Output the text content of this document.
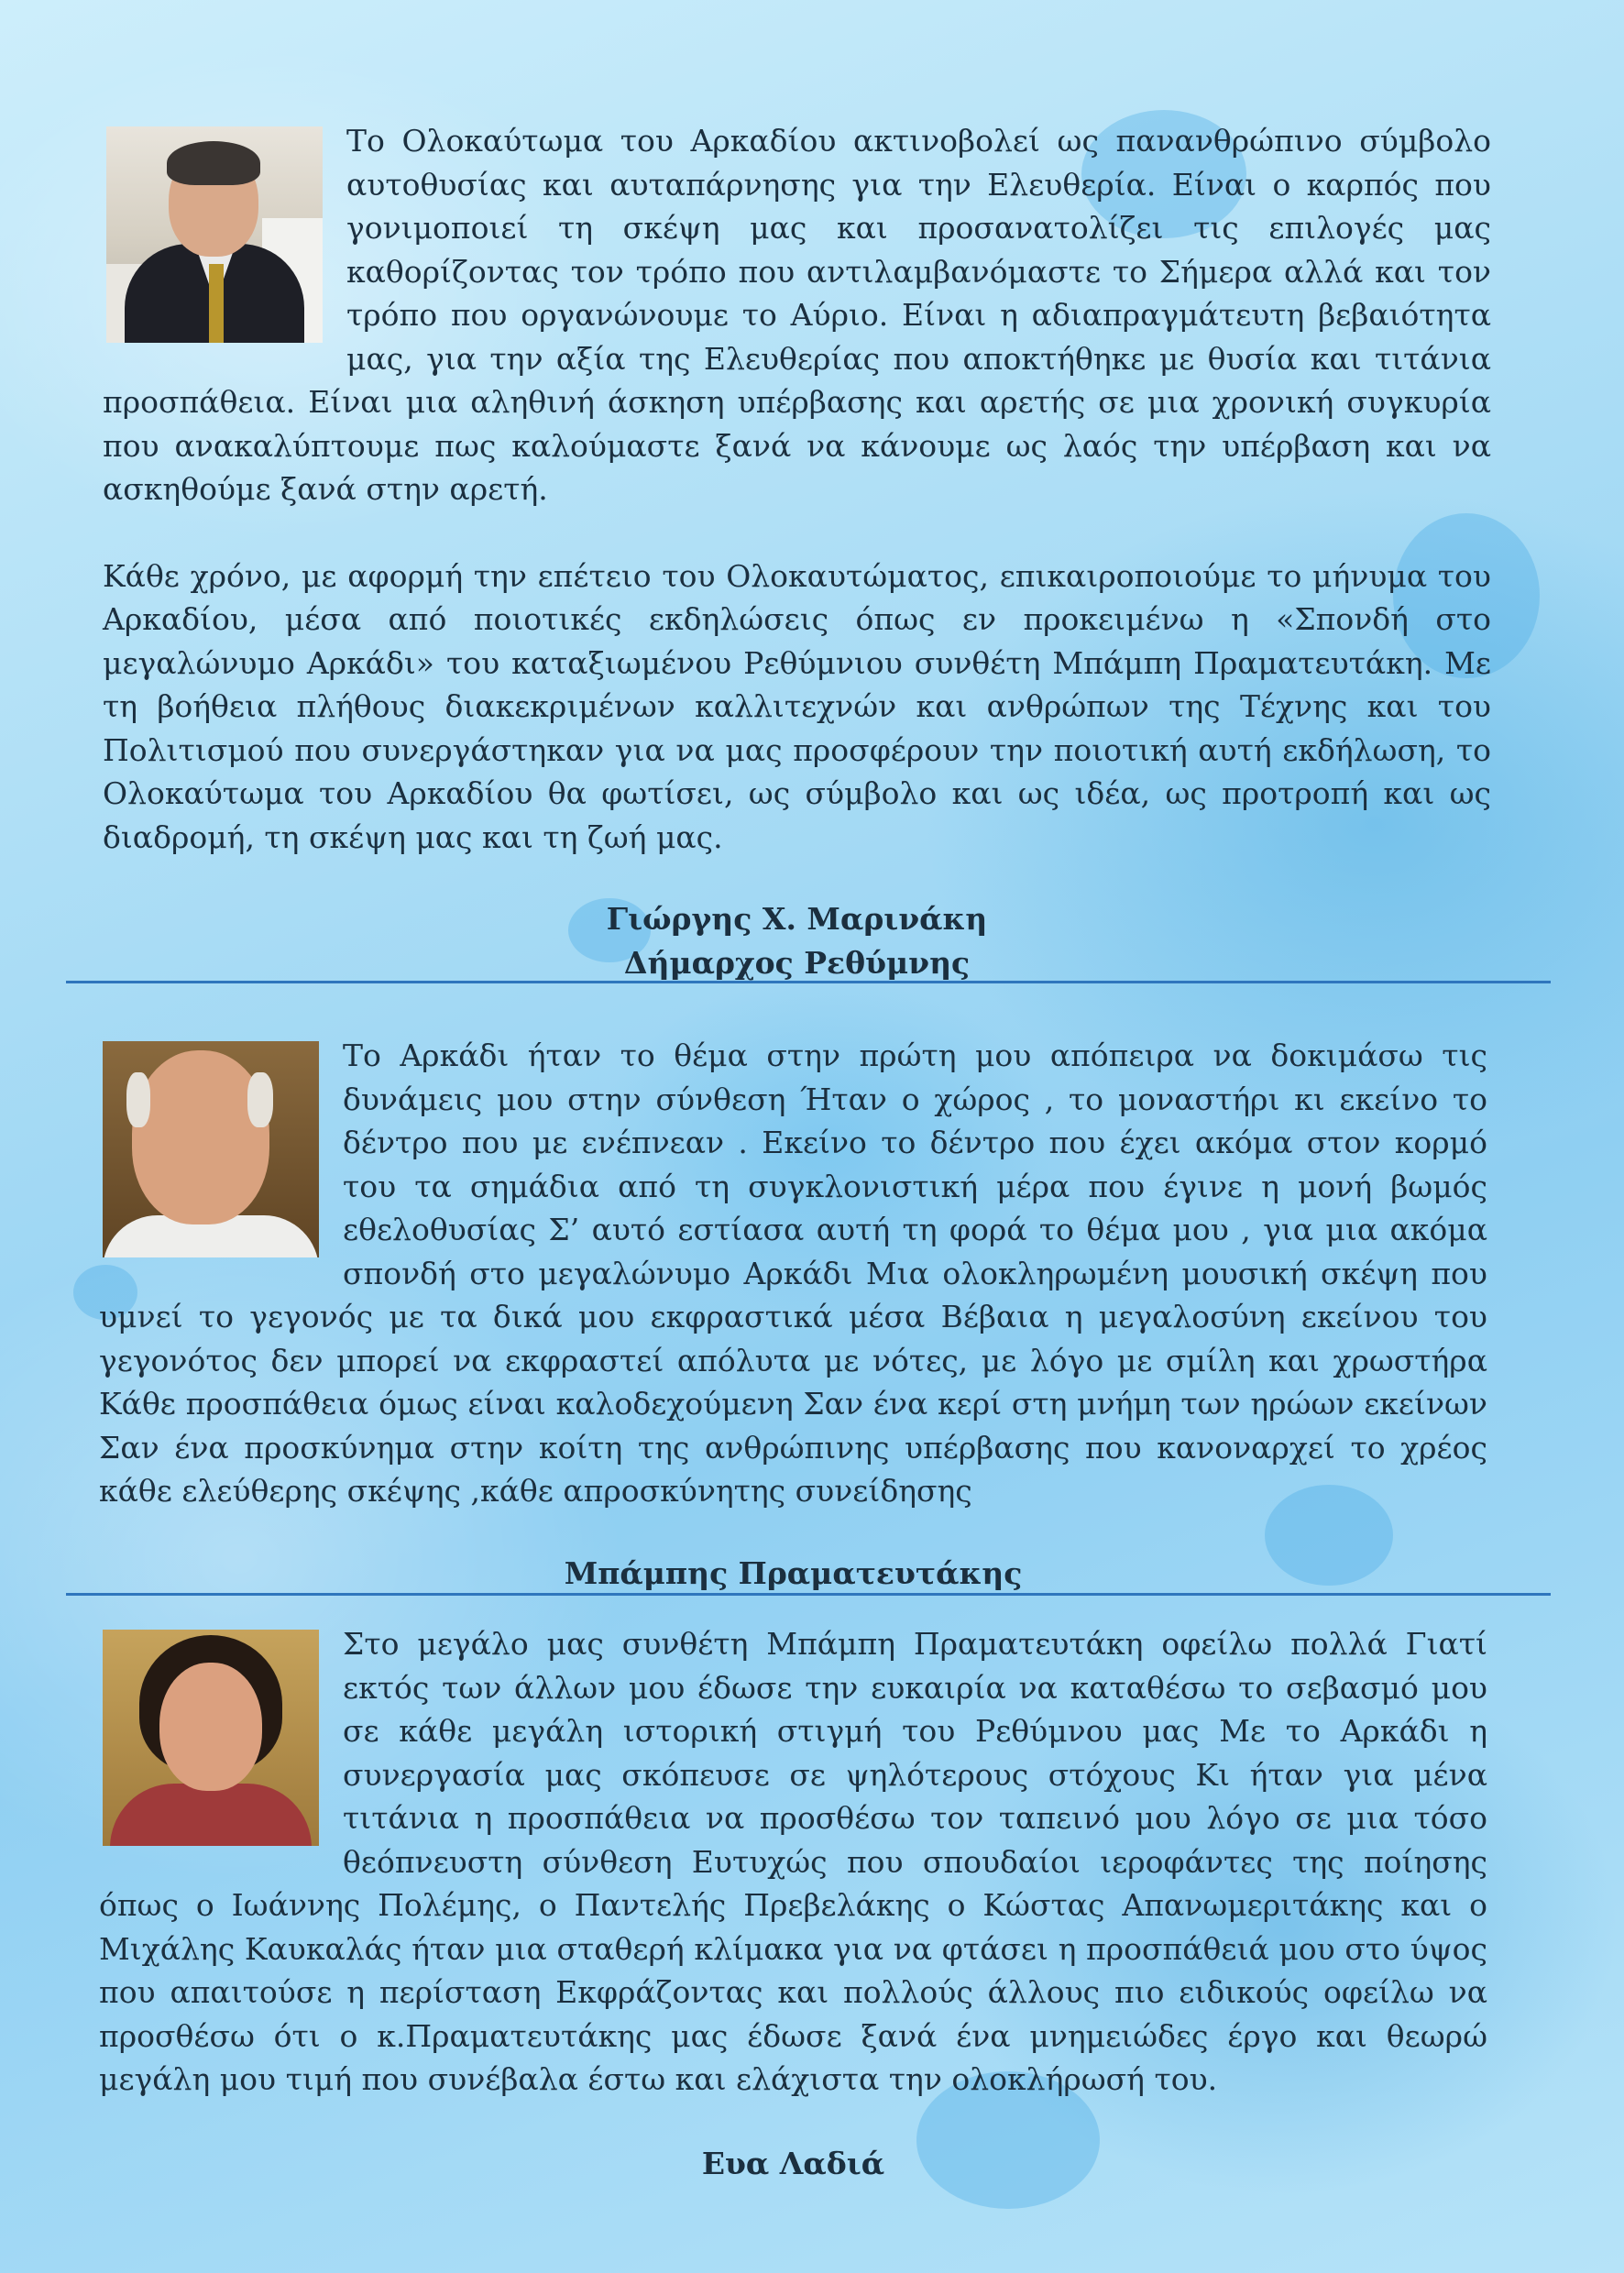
Το Ολοκαύτωμα του Αρκαδίου ακτινοβολεί ως πανανθρώπινο σύμβολο αυτοθυσίας και αυταπάρνησης για την Ελευθερία. Είναι ο καρπός που γονιμοποιεί τη σκέψη μας και προσανατολίζει τις επιλογές μας καθορίζοντας τον τρόπο που αντιλαμβανόμαστε το Σήμερα αλλά και τον τρόπο που οργανώνουμε το Αύριο. Είναι η αδιαπραγμάτευτη βεβαιότητα μας, για την αξία της Ελευθερίας που αποκτήθηκε με θυσία και τιτάνια προσπάθεια. Είναι μια αληθινή άσκηση υπέρβασης και αρετής σε μια χρονική συγκυρία που ανακαλύπτουμε πως καλούμαστε ξανά να κάνουμε ως λαός την υπέρβαση και να ασκηθούμε ξανά στην αρετή.

Κάθε χρόνο, με αφορμή την επέτειο του Ολοκαυτώματος, επικαιροποιούμε το μήνυμα του Αρκαδίου, μέσα από ποιοτικές εκδηλώσεις όπως εν προκειμένω η «Σπονδή στο μεγαλώνυμο Αρκάδι» του καταξιωμένου Ρεθύμνιου συνθέτη Μπάμπη Πραματευτάκη. Με τη βοήθεια πλήθους διακεκριμένων καλλιτεχνών και ανθρώπων της Τέχνης και του Πολιτισμού που συνεργάστηκαν για να μας προσφέρουν την ποιοτική αυτή εκδήλωση, το Ολοκαύτωμα του Αρκαδίου θα φωτίσει, ως σύμβολο και ως ιδέα, ως προτροπή και ως διαδρομή, τη σκέψη μας και τη ζωή μας.

Γιώργης Χ. Μαρινάκη

Δήμαρχος Ρεθύμνης

Το Αρκάδι ήταν το θέμα στην πρώτη μου απόπειρα να δοκιμάσω τις δυνάμεις μου στην σύνθεση Ήταν ο χώρος , το μοναστήρι κι εκείνο το δέντρο που με ενέπνεαν . Εκείνο το δέντρο που έχει ακόμα στον κορμό του τα σημάδια από τη συγκλονιστική μέρα που έγινε η μονή βωμός εθελοθυσίας Σ’ αυτό εστίασα αυτή τη φορά το θέμα μου , για μια ακόμα σπονδή στο μεγαλώνυμο Αρκάδι Μια ολοκληρωμένη μουσική σκέψη που υμνεί το γεγονός με τα δικά μου εκφραστικά μέσα Βέβαια η μεγαλοσύνη εκείνου του γεγονότος δεν μπορεί να εκφραστεί απόλυτα με νότες, με λόγο με σμίλη και χρωστήρα Κάθε προσπάθεια όμως είναι καλοδεχούμενη Σαν ένα κερί στη μνήμη των ηρώων εκείνων Σαν ένα προσκύνημα στην κοίτη της ανθρώπινης υπέρβασης που κανοναρχεί το χρέος κάθε ελεύθερης σκέψης ,κάθε απροσκύνητης συνείδησης

Μπάμπης Πραματευτάκης

Στο μεγάλο μας συνθέτη Μπάμπη Πραματευτάκη οφείλω πολλά Γιατί εκτός των άλλων μου έδωσε την ευκαιρία να καταθέσω το σεβασμό μου σε κάθε μεγάλη ιστορική στιγμή του Ρεθύμνου μας Με το Αρκάδι η συνεργασία μας σκόπευσε σε ψηλότερους στόχους Κι ήταν για μένα τιτάνια η προσπάθεια να προσθέσω τον ταπεινό μου λόγο σε μια τόσο θεόπνευστη σύνθεση Ευτυχώς που σπουδαίοι ιεροφάντες της ποίησης όπως ο Ιωάννης Πολέμης, ο Παντελής Πρεβελάκης ο Κώστας Απανωμεριτάκης και ο Μιχάλης Καυκαλάς ήταν μια σταθερή κλίμακα για να φτάσει η προσπάθειά μου στο ύψος που απαιτούσε η περίσταση Εκφράζοντας και πολλούς άλλους πιο ειδικούς οφείλω να προσθέσω ότι ο κ.Πραματευτάκης μας έδωσε ξανά ένα μνημειώδες έργο και θεωρώ μεγάλη μου τιμή που συνέβαλα έστω και ελάχιστα την ολοκλήρωσή του.

Ευα Λαδιά
